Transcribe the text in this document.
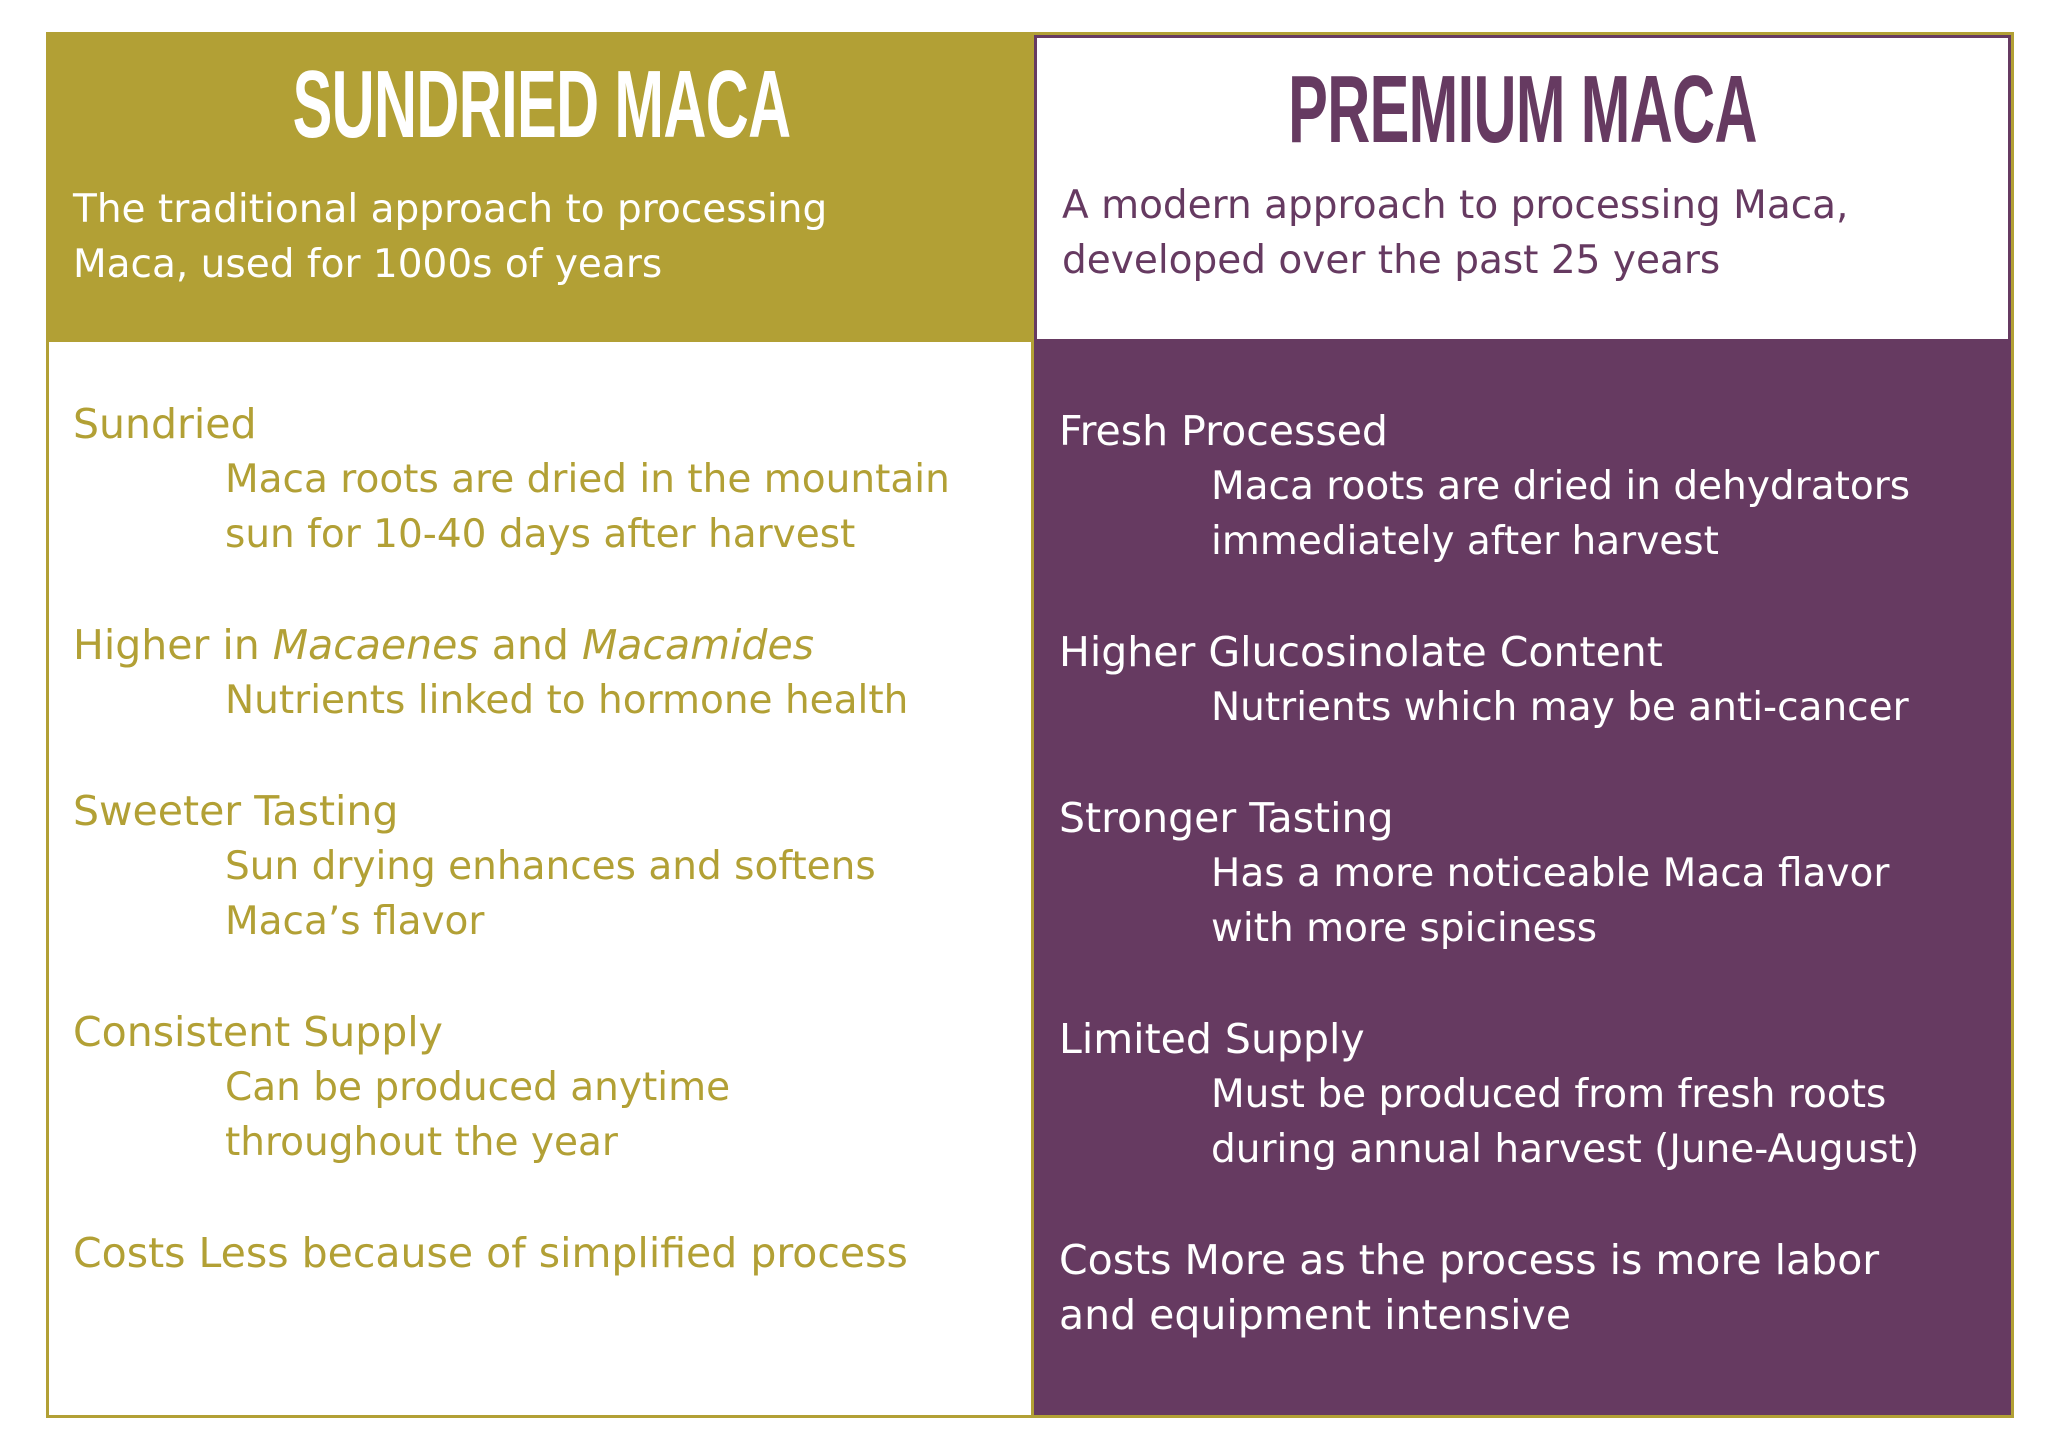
SUNDRIED MACA
The traditional approach to processing
Maca, used for 1000s of years
PREMIUM MACA
A modern approach to processing Maca,
developed over the past 25 years
Sundried
Maca roots are dried in the mountain
sun for 10-40 days after harvest
Higher in Macaenes and Macamides
Nutrients linked to hormone health
Sweeter Tasting
Sun drying enhances and softens
Maca’s flavor
Consistent Supply
Can be produced anytime
throughout the year
Costs Less because of simplified process
Fresh Processed
Maca roots are dried in dehydrators
immediately after harvest
Higher Glucosinolate Content
Nutrients which may be anti-cancer
Stronger Tasting
Has a more noticeable Maca flavor
with more spiciness
Limited Supply
Must be produced from fresh roots
during annual harvest (June-August)
Costs More as the process is more labor
and equipment intensive
